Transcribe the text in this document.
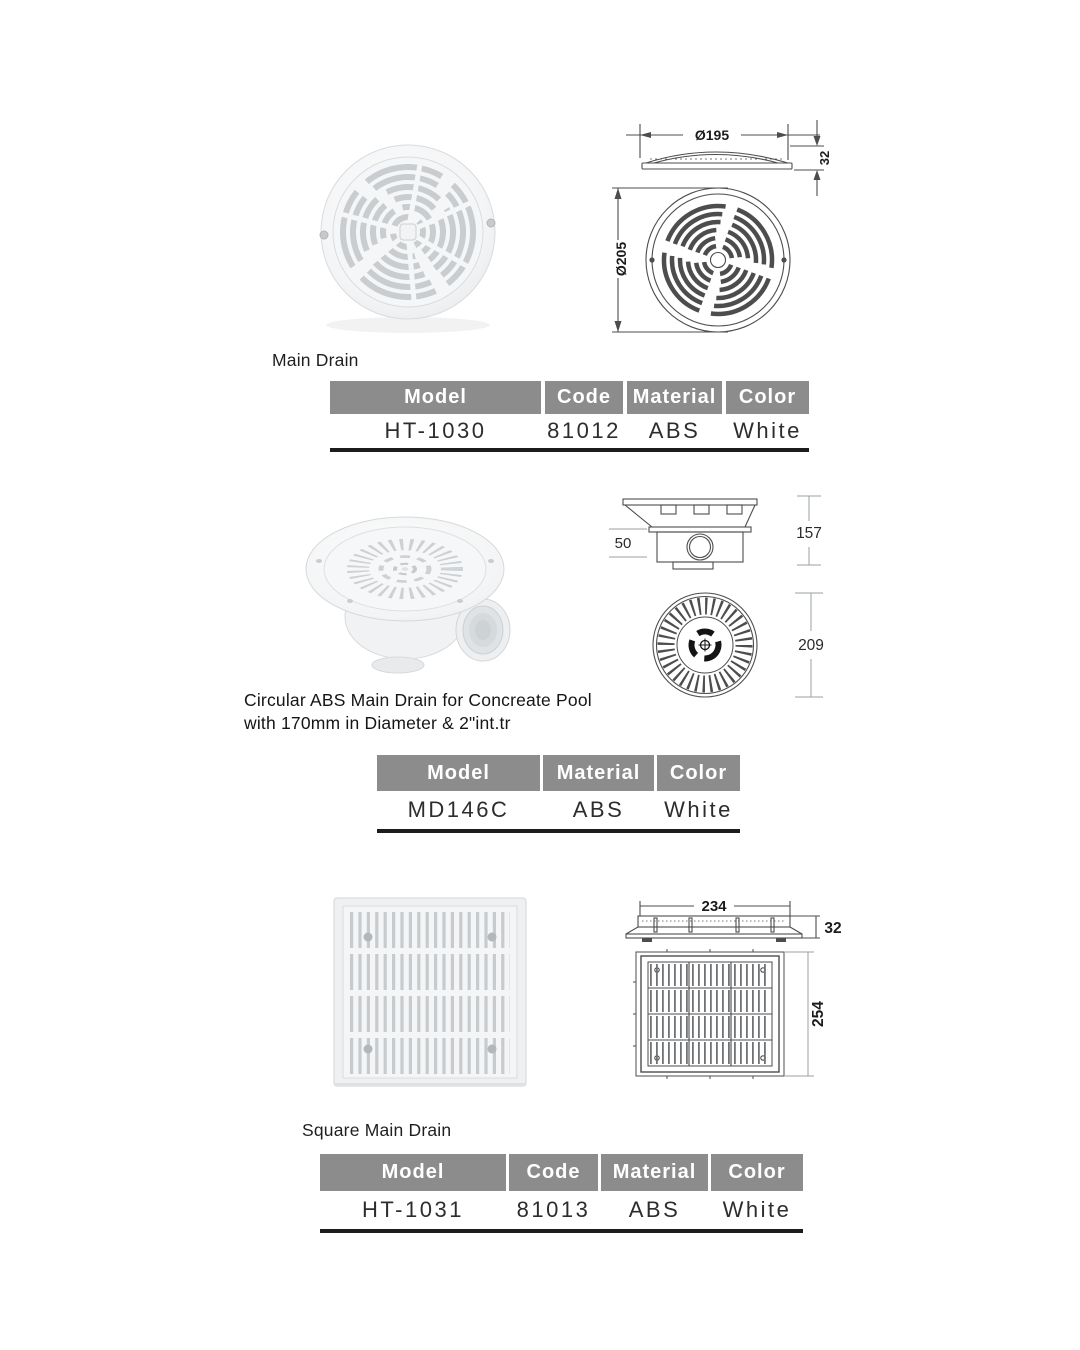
Ø195
32
Ø205
Main Drain
Model	Code	Material	Color
HT-1030	81012	ABS	White
50
157
209
Circular ABS Main Drain for Concreate Pool
with 170mm in Diameter & 2"int.tr
Model	Material	Color
MD146C	ABS	White
234
32
254
Square Main Drain
Model	Code	Material	Color
HT-1031	81013	ABS	White
